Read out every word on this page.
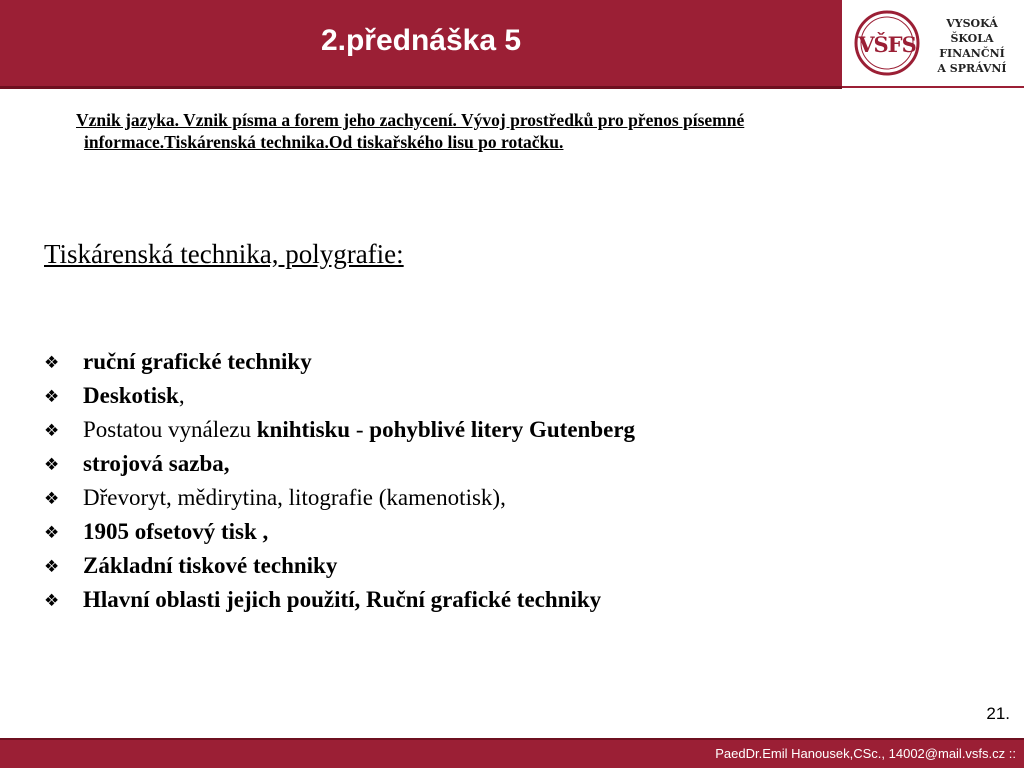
2.přednáška 5	VŠFS
VYSOKÁ ŠKOLA
FINANČNÍ
A SPRÁVNÍ
Vznik jazyka. Vznik písma a forem jeho zachycení. Vývoj prostředků pro přenos písemné
informace.Tiskárenská technika.Od tiskařského lisu po rotačku.
Tiskárenská technika, polygrafie:
❖ ruční grafické techniky
❖ Deskotisk,
❖ Postatou vynálezu knihtisku - pohyblivé litery Gutenberg
❖ strojová sazba,
❖ Dřevoryt, mědirytina, litografie (kamenotisk),
❖ 1905 ofsetový tisk ,
❖ Základní tiskové techniky
❖ Hlavní oblasti jejich použití, Ruční grafické techniky
21.
PaedDr.Emil Hanousek,CSc., 14002@mail.vsfs.cz ::
